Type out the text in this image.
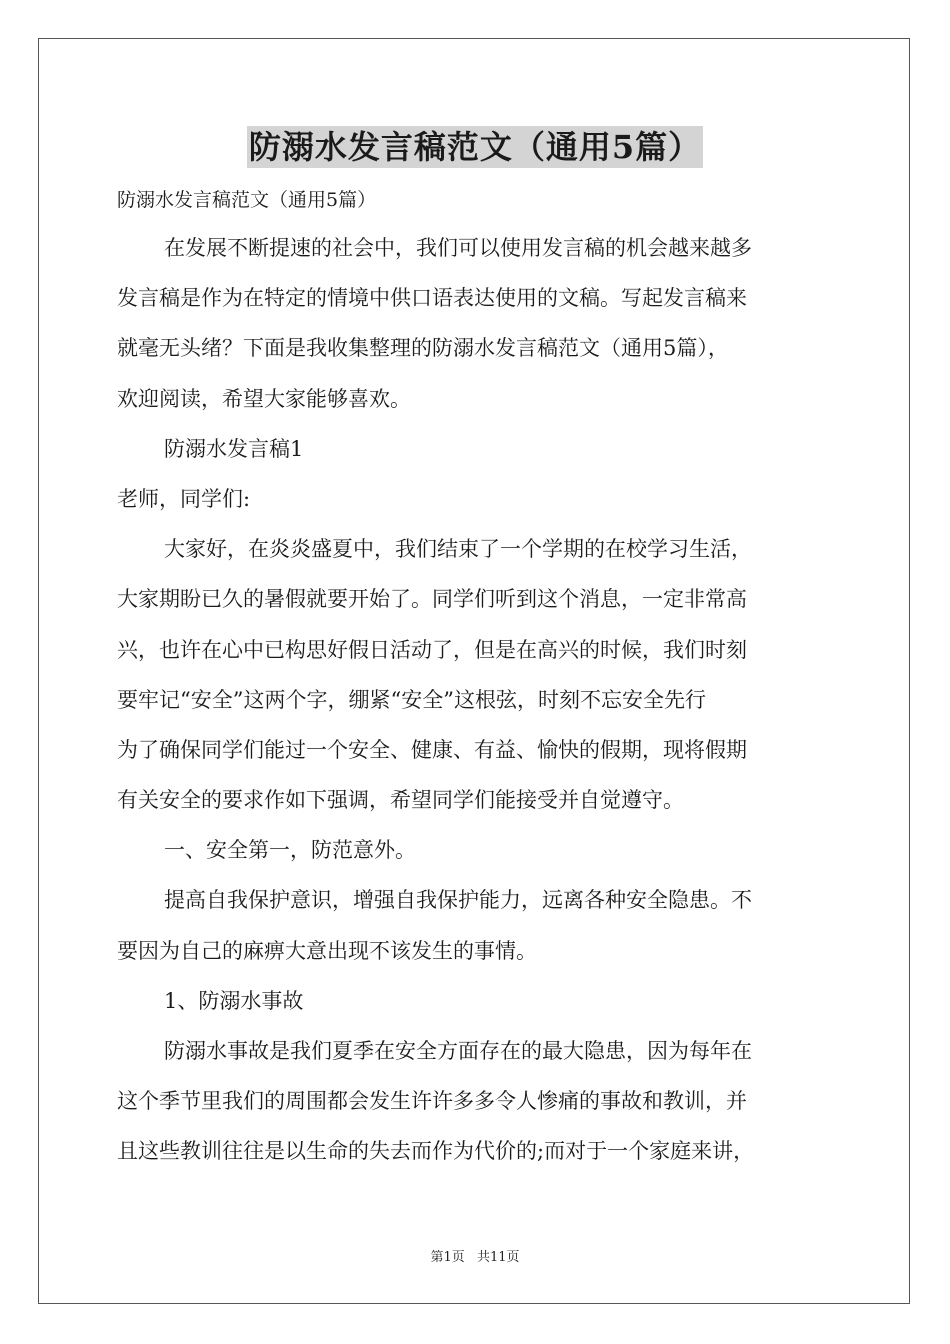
防溺水发言稿范文（通用5篇）
防溺水发言稿范文（通用5篇）
在发展不断提速的社会中，我们可以使用发言稿的机会越来越多
发言稿是作为在特定的情境中供口语表达使用的文稿。写起发言稿来
就毫无头绪？下面是我收集整理的防溺水发言稿范文（通用5篇），
欢迎阅读，希望大家能够喜欢。
防溺水发言稿1
老师，同学们:
大家好，在炎炎盛夏中，我们结束了一个学期的在校学习生活，
大家期盼已久的暑假就要开始了。同学们听到这个消息，一定非常高
兴，也许在心中已构思好假日活动了，但是在高兴的时候，我们时刻
要牢记“安全”这两个字，绷紧“安全”这根弦，时刻不忘安全先行
为了确保同学们能过一个安全、健康、有益、愉快的假期，现将假期
有关安全的要求作如下强调，希望同学们能接受并自觉遵守。
一、安全第一，防范意外。
提高自我保护意识，增强自我保护能力，远离各种安全隐患。不
要因为自己的麻痹大意出现不该发生的事情。
1、防溺水事故
防溺水事故是我们夏季在安全方面存在的最大隐患，因为每年在
这个季节里我们的周围都会发生许许多多令人惨痛的事故和教训，并
且这些教训往往是以生命的失去而作为代价的;而对于一个家庭来讲，
第1页 共11页
